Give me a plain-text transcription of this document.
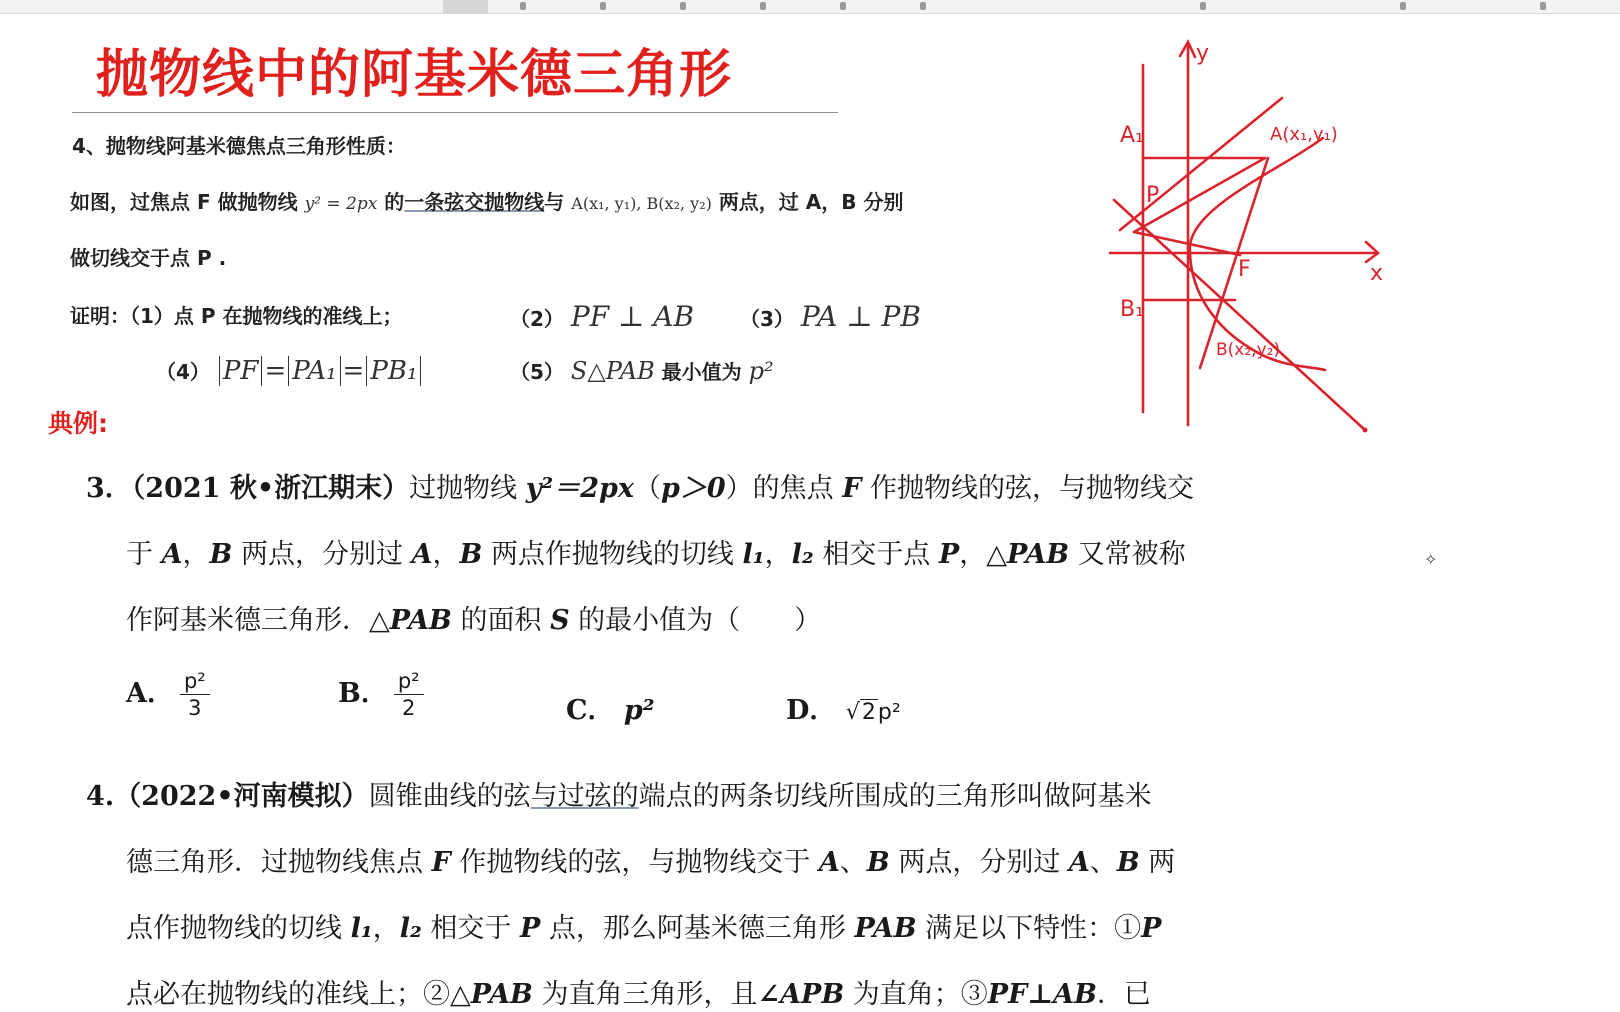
抛物线中的阿基米德三角形
4、抛物线阿基米德焦点三角形性质：
如图，过焦点 F 做抛物线 y² = 2px 的一条弦交抛物线与 A(x₁, y₁), B(x₂, y₂) 两点，过 A，B 分别
做切线交于点 P .
证明：（1）点 P 在抛物线的准线上；	（2） PF ⊥ AB （3） PA ⊥ PB
（4） PF = PA₁ = PB₁	（5） S△PAB 最小值为 p²
典例:
y
x
A₁
B₁
P
F
A(x₁,y₁)
B(x₂,y₂)
3．（2021 秋•浙江期末）过抛物线 y²＝2px（p＞0）的焦点 F 作抛物线的弦，与抛物线交
于 A，B 两点，分别过 A，B 两点作抛物线的切线 l₁，l₂ 相交于点 P，△PAB 又常被称
作阿基米德三角形．△PAB 的面积 S 的最小值为（　　）
A． $\frac{\text{p²}}{3}$	B． $\frac{\text{p²}}{2}$	C． p²	D． √2p²
4.（2022•河南模拟）圆锥曲线的弦与过弦的端点的两条切线所围成的三角形叫做阿基米
德三角形．过抛物线焦点 F 作抛物线的弦，与抛物线交于 A、B 两点，分别过 A、B 两
点作抛物线的切线 l₁，l₂ 相交于 P 点，那么阿基米德三角形 PAB 满足以下特性：①P
点必在抛物线的准线上；②△PAB 为直角三角形，且∠APB 为直角；③PF⊥AB．已
✧
